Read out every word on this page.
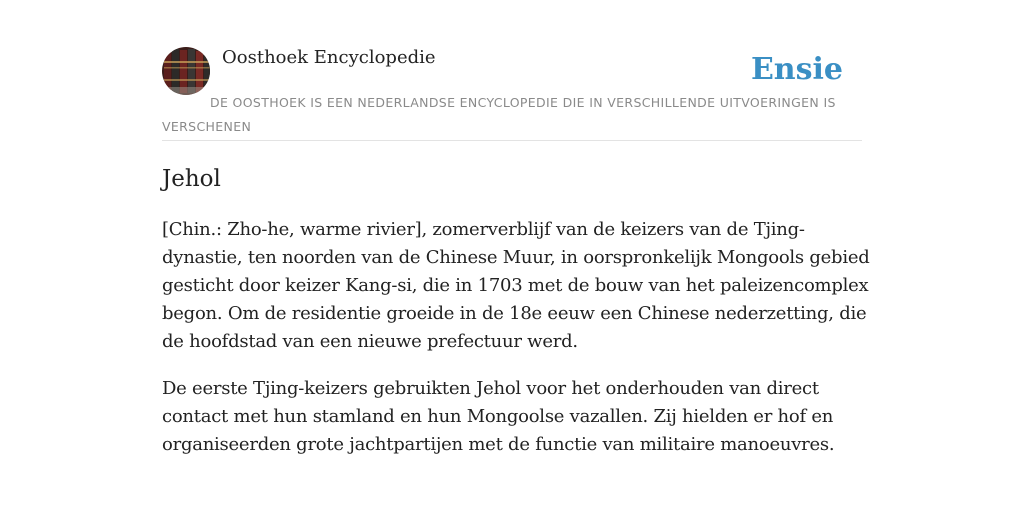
Oosthoek Encyclopedie	Ensie
DE OOSTHOEK IS EEN NEDERLANDSE ENCYCLOPEDIE DIE IN VERSCHILLENDE UITVOERINGEN IS VERSCHENEN
Jehol

[Chin.: Zho-he, warme rivier], zomerverblijf van de keizers van de Tjing-dynastie, ten noorden van de Chinese Muur, in oorspronkelijk Mongools gebied gesticht door keizer Kang-si, die in 1703 met de bouw van het paleizencomplex begon. Om de residentie groeide in de 18e eeuw een Chinese nederzetting, die de hoofdstad van een nieuwe prefectuur werd.

De eerste Tjing-keizers gebruikten Jehol voor het onderhouden van direct contact met hun stamland en hun Mongoolse vazallen. Zij hielden er hof en organiseerden grote jachtpartijen met de functie van militaire manoeuvres.
